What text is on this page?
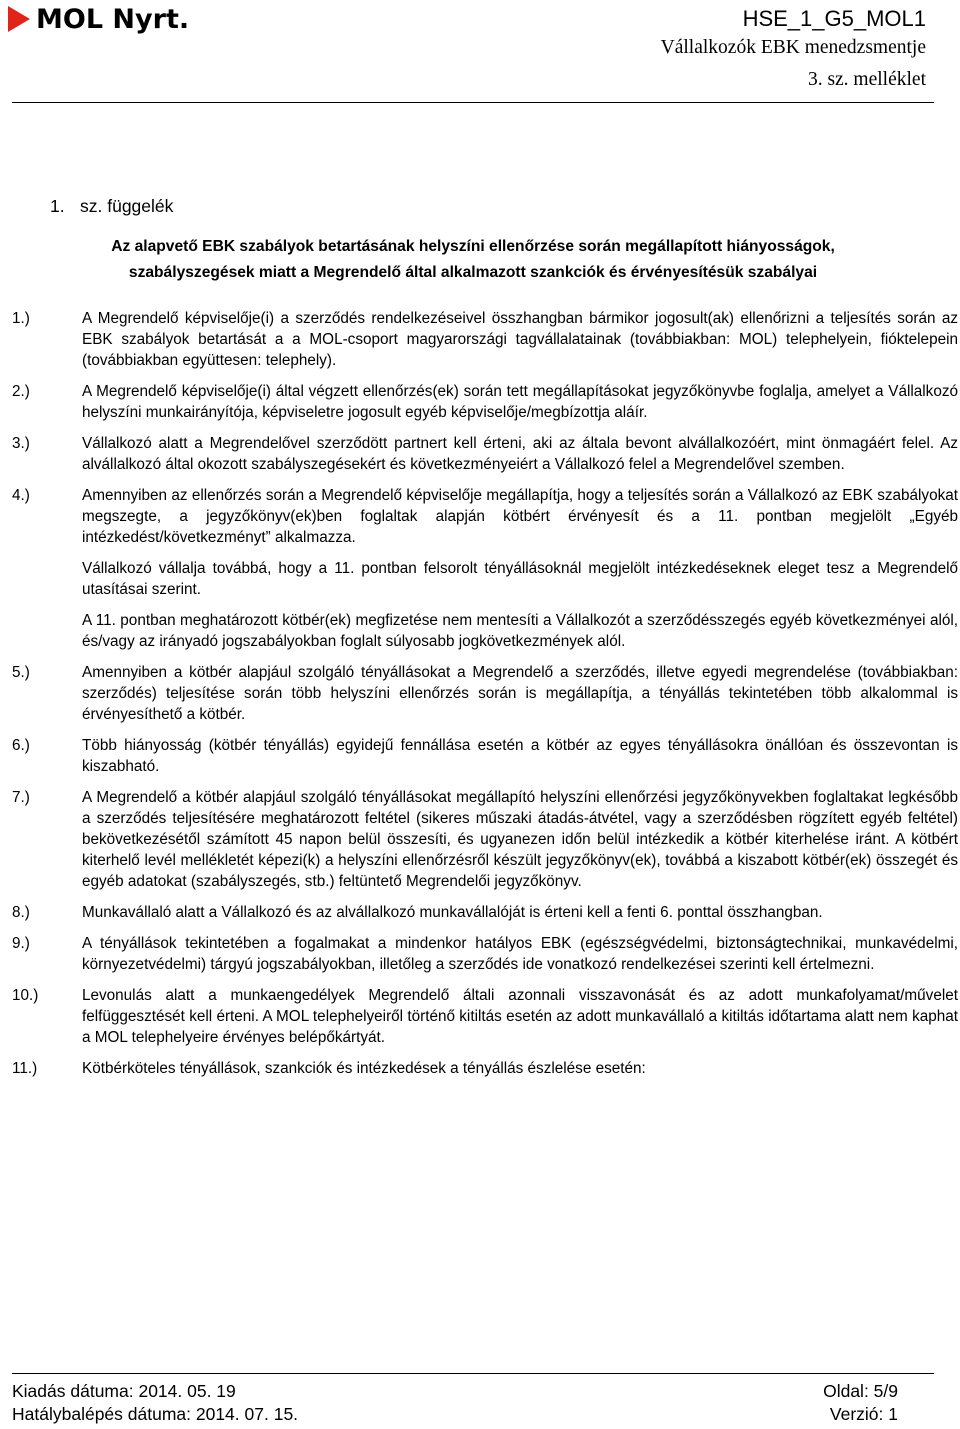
MOL Nyrt.	HSE_1_G5_MOL1
Vállalkozók EBK menedzsmentje
3. sz. melléklet
1. sz. függelék
Az alapvető EBK szabályok betartásának helyszíni ellenőrzése során megállapított hiányosságok,
szabályszegések miatt a Megrendelő által alkalmazott szankciók és érvényesítésük szabályai
1.)	A Megrendelő képviselője(i) a szerződés rendelkezéseivel összhangban bármikor jogosult(ak) ellenőrizni a teljesítés során az EBK szabályok betartását a a MOL-csoport magyarországi tagvállalatainak (továbbiakban: MOL) telephelyein, fióktelepein (továbbiakban együttesen: telephely).

2.)	A Megrendelő képviselője(i) által végzett ellenőrzés(ek) során tett megállapításokat jegyzőkönyvbe foglalja, amelyet a Vállalkozó helyszíni munkairányítója, képviseletre jogosult egyéb képviselője/megbízottja aláír.

3.)	Vállalkozó alatt a Megrendelővel szerződött partnert kell érteni, aki az általa bevont alvállalkozóért, mint önmagáért felel. Az alvállalkozó által okozott szabályszegésekért és következményeiért a Vállalkozó felel a Megrendelővel szemben.

4.)	Amennyiben az ellenőrzés során a Megrendelő képviselője megállapítja, hogy a teljesítés során a Vállalkozó az EBK szabályokat megszegte, a jegyzőkönyv(ek)ben foglaltak alapján kötbért érvényesít és a 11. pontban megjelölt „Egyéb intézkedést/következményt” alkalmazza.

Vállalkozó vállalja továbbá, hogy a 11. pontban felsorolt tényállásoknál megjelölt intézkedéseknek eleget tesz a Megrendelő utasításai szerint.

A 11. pontban meghatározott kötbér(ek) megfizetése nem mentesíti a Vállalkozót a szerződésszegés egyéb következményei alól, és/vagy az irányadó jogszabályokban foglalt súlyosabb jogkövetkezmények alól.

5.)	Amennyiben a kötbér alapjául szolgáló tényállásokat a Megrendelő a szerződés, illetve egyedi megrendelése (továbbiakban: szerződés) teljesítése során több helyszíni ellenőrzés során is megállapítja, a tényállás tekintetében több alkalommal is érvényesíthető a kötbér.

6.)	Több hiányosság (kötbér tényállás) egyidejű fennállása esetén a kötbér az egyes tényállásokra önállóan és összevontan is kiszabható.

7.)	A Megrendelő a kötbér alapjául szolgáló tényállásokat megállapító helyszíni ellenőrzési jegyzőkönyvekben foglaltakat legkésőbb a szerződés teljesítésére meghatározott feltétel (sikeres műszaki átadás-átvétel, vagy a szerződésben rögzített egyéb feltétel) bekövetkezésétől számított 45 napon belül összesíti, és ugyanezen időn belül intézkedik a kötbér kiterhelése iránt. A kötbért kiterhelő levél mellékletét képezi(k) a helyszíni ellenőrzésről készült jegyzőkönyv(ek), továbbá a kiszabott kötbér(ek) összegét és egyéb adatokat (szabályszegés, stb.) feltüntető Megrendelői jegyzőkönyv.

8.)	Munkavállaló alatt a Vállalkozó és az alvállalkozó munkavállalóját is érteni kell a fenti 6. ponttal összhangban.

9.)	A tényállások tekintetében a fogalmakat a mindenkor hatályos EBK (egészségvédelmi, biztonságtechnikai, munkavédelmi, környezetvédelmi) tárgyú jogszabályokban, illetőleg a szerződés ide vonatkozó rendelkezései szerinti kell értelmezni.

10.)	Levonulás alatt a munkaengedélyek Megrendelő általi azonnali visszavonását és az adott munkafolyamat/művelet felfüggesztését kell érteni. A MOL telephelyeiről történő kitiltás esetén az adott munkavállaló a kitiltás időtartama alatt nem kaphat a MOL telephelyeire érvényes belépőkártyát.

11.)	Kötbérköteles tényállások, szankciók és intézkedések a tényállás észlelése esetén:

Kiadás dátuma: 2014. 05. 19	Oldal: 5/9
Hatálybalépés dátuma: 2014. 07. 15.	Verzió: 1
